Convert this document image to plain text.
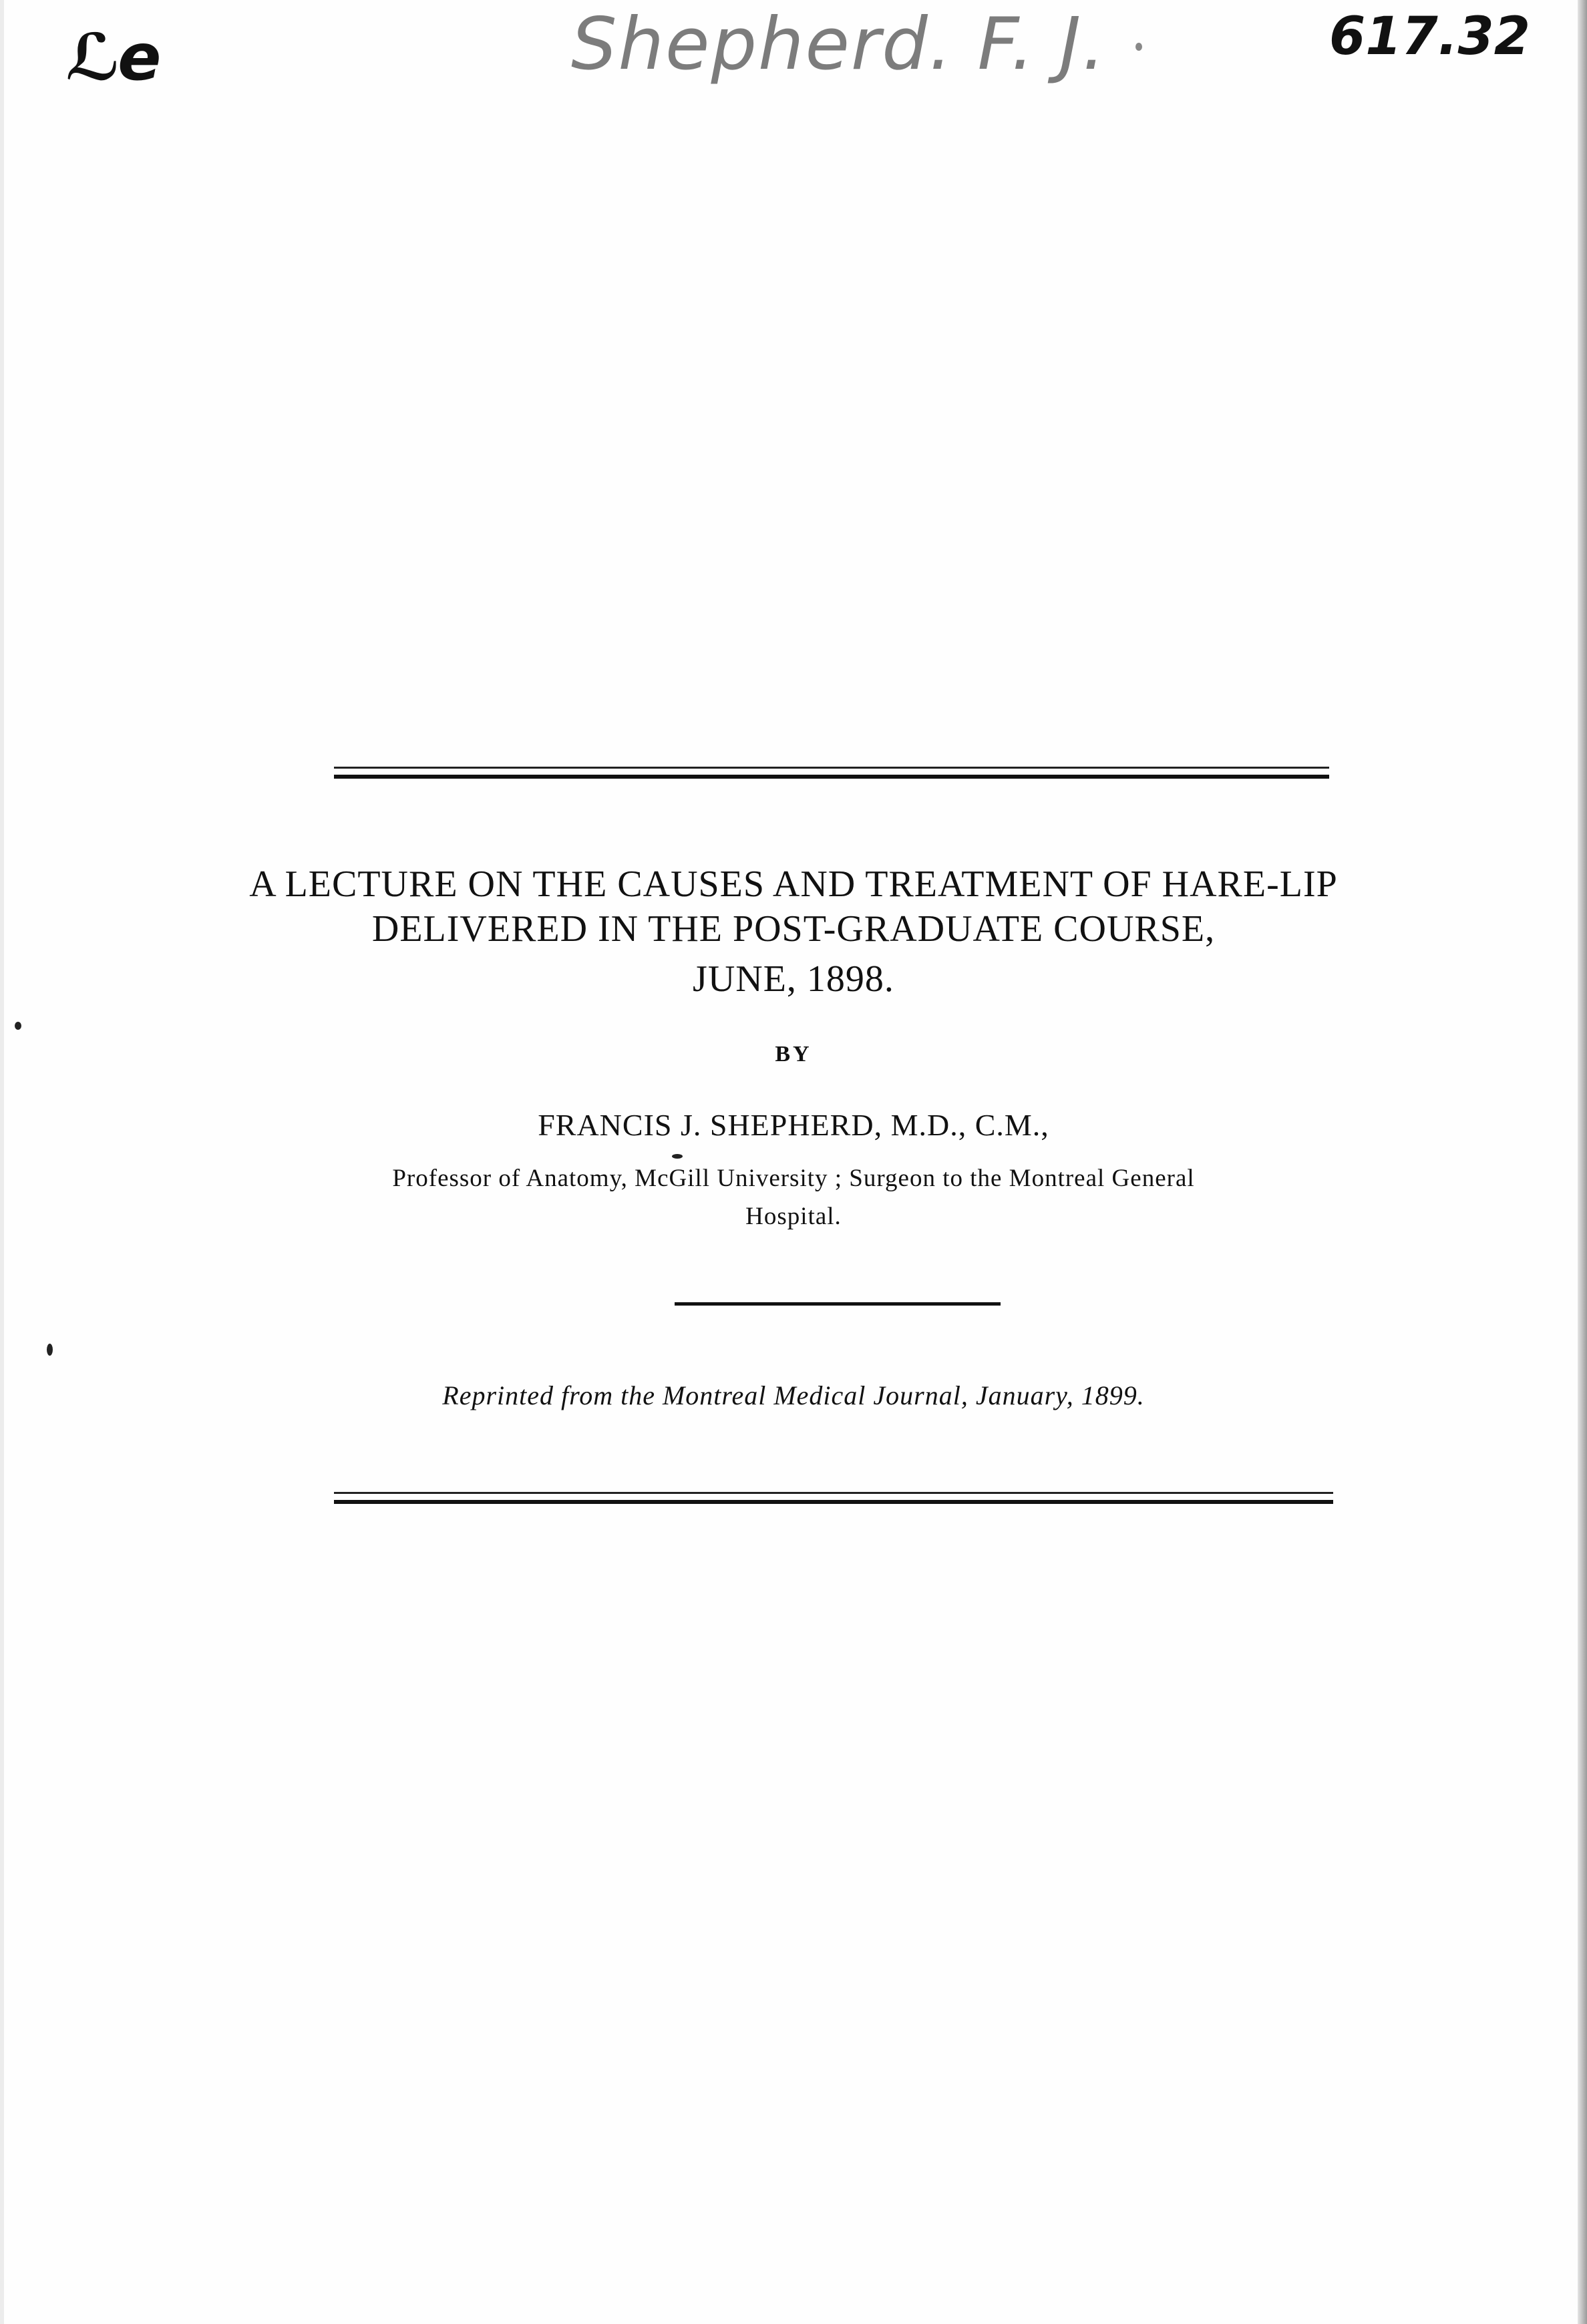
ℒe	Shepherd. F. J.	617.32
A LECTURE ON THE CAUSES AND TREATMENT OF HARE-LIP
DELIVERED IN THE POST-GRADUATE COURSE,
JUNE, 1898.
BY
FRANCIS J. SHEPHERD, M.D., C.M.,
Professor of Anatomy, McGill University ; Surgeon to the Montreal General
Hospital.
Reprinted from the Montreal Medical Journal, January, 1899.
